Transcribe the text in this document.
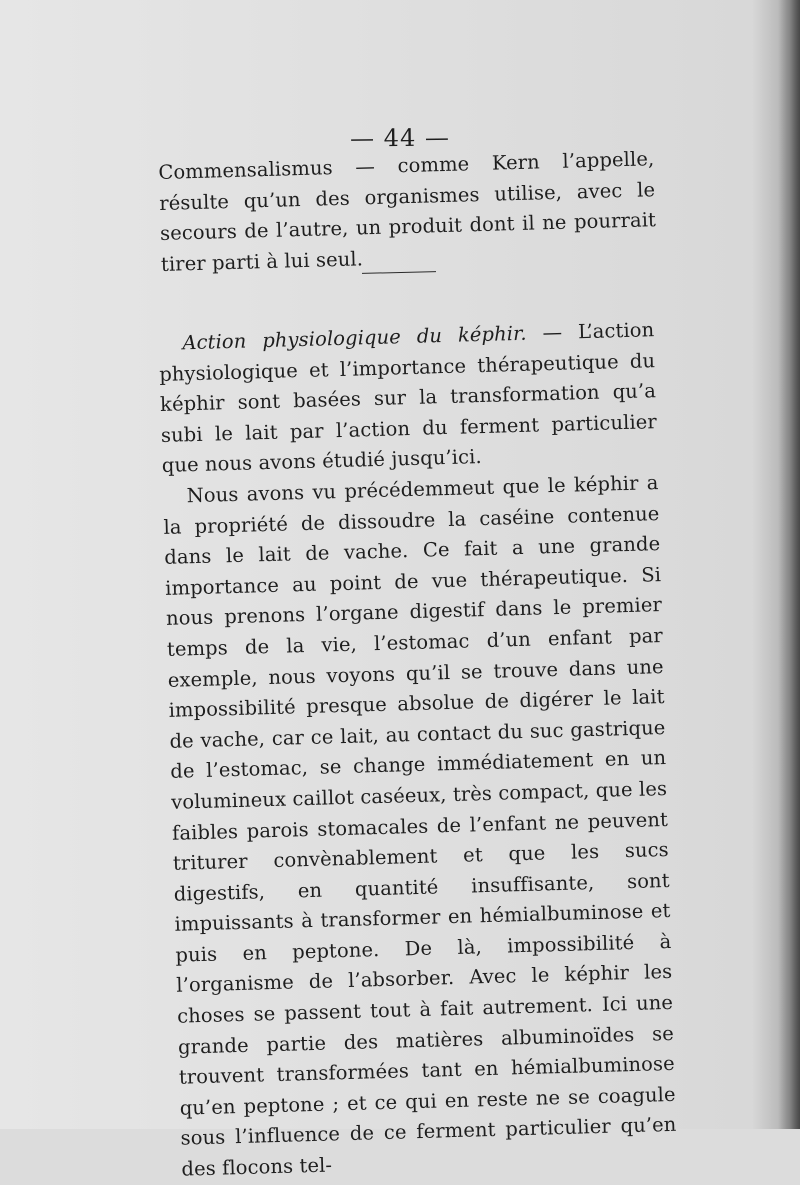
— 44 —

Commensalismus — comme Kern l’appelle, résulte qu’un des organismes utilise, avec le secours de l’autre, un produit dont il ne pourrait tirer parti à lui seul.

Action physiologique du képhir. — L’action physiologique et l’importance thérapeutique du képhir sont basées sur la transformation qu’a subi le lait par l’action du ferment particulier que nous avons étudié jusqu’ici.

Nous avons vu précédemmeut que le képhir a la propriété de dissoudre la caséine contenue dans le lait de vache. Ce fait a une grande importance au point de vue thérapeutique. Si nous prenons l’organe digestif dans le premier temps de la vie, l’estomac d’un enfant par exemple, nous voyons qu’il se trouve dans une impossibilité presque absolue de digérer le lait de vache, car ce lait, au contact du suc gastrique de l’estomac, se change immédiatement en un volumineux caillot caséeux, très compact, que les faibles parois stomacales de l’enfant ne peuvent triturer convènablement et que les sucs digestifs, en quantité insuffisante, sont impuissants à transformer en hémialbuminose et puis en peptone. De là, impossibilité à l’organisme de l’absorber. Avec le képhir les choses se passent tout à fait autrement. Ici une grande partie des matières albuminoïdes se trouvent transformées tant en hémialbuminose qu’en peptone ; et ce qui en reste ne se coagule sous l’influence de ce ferment particulier qu’en des flocons tel-
